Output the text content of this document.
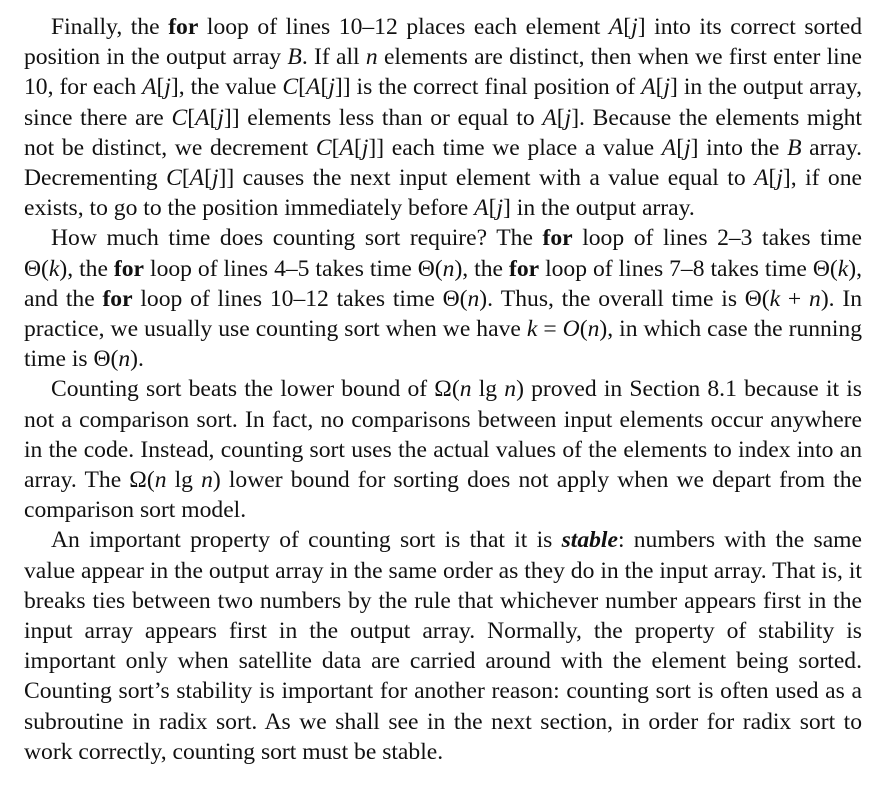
Finally, the for loop of lines 10–12 places each element A[j] into its correct sorted position in the output array B. If all n elements are distinct, then when we first enter line 10, for each A[j], the value C[A[j]] is the correct final position of A[j] in the output array, since there are C[A[j]] elements less than or equal to A[j]. Because the elements might not be distinct, we decrement C[A[j]] each time we place a value A[j] into the B array. Decrementing C[A[j]] causes the next input element with a value equal to A[j], if one exists, to go to the position immediately before A[j] in the output array.

How much time does counting sort require? The for loop of lines 2–3 takes time Θ(k), the for loop of lines 4–5 takes time Θ(n), the for loop of lines 7–8 takes time Θ(k), and the for loop of lines 10–12 takes time Θ(n). Thus, the overall time is Θ(k + n). In practice, we usually use counting sort when we have k = O(n), in which case the running time is Θ(n).

Counting sort beats the lower bound of Ω(n lg n) proved in Section 8.1 because it is not a comparison sort. In fact, no comparisons between input elements occur anywhere in the code. Instead, counting sort uses the actual values of the elements to index into an array. The Ω(n lg n) lower bound for sorting does not apply when we depart from the comparison sort model.

An important property of counting sort is that it is stable: numbers with the same value appear in the output array in the same order as they do in the input array. That is, it breaks ties between two numbers by the rule that whichever number appears first in the input array appears first in the output array. Normally, the property of stability is important only when satellite data are carried around with the element being sorted. Counting sort’s stability is important for another reason: counting sort is often used as a subroutine in radix sort. As we shall see in the next section, in order for radix sort to work correctly, counting sort must be stable.
